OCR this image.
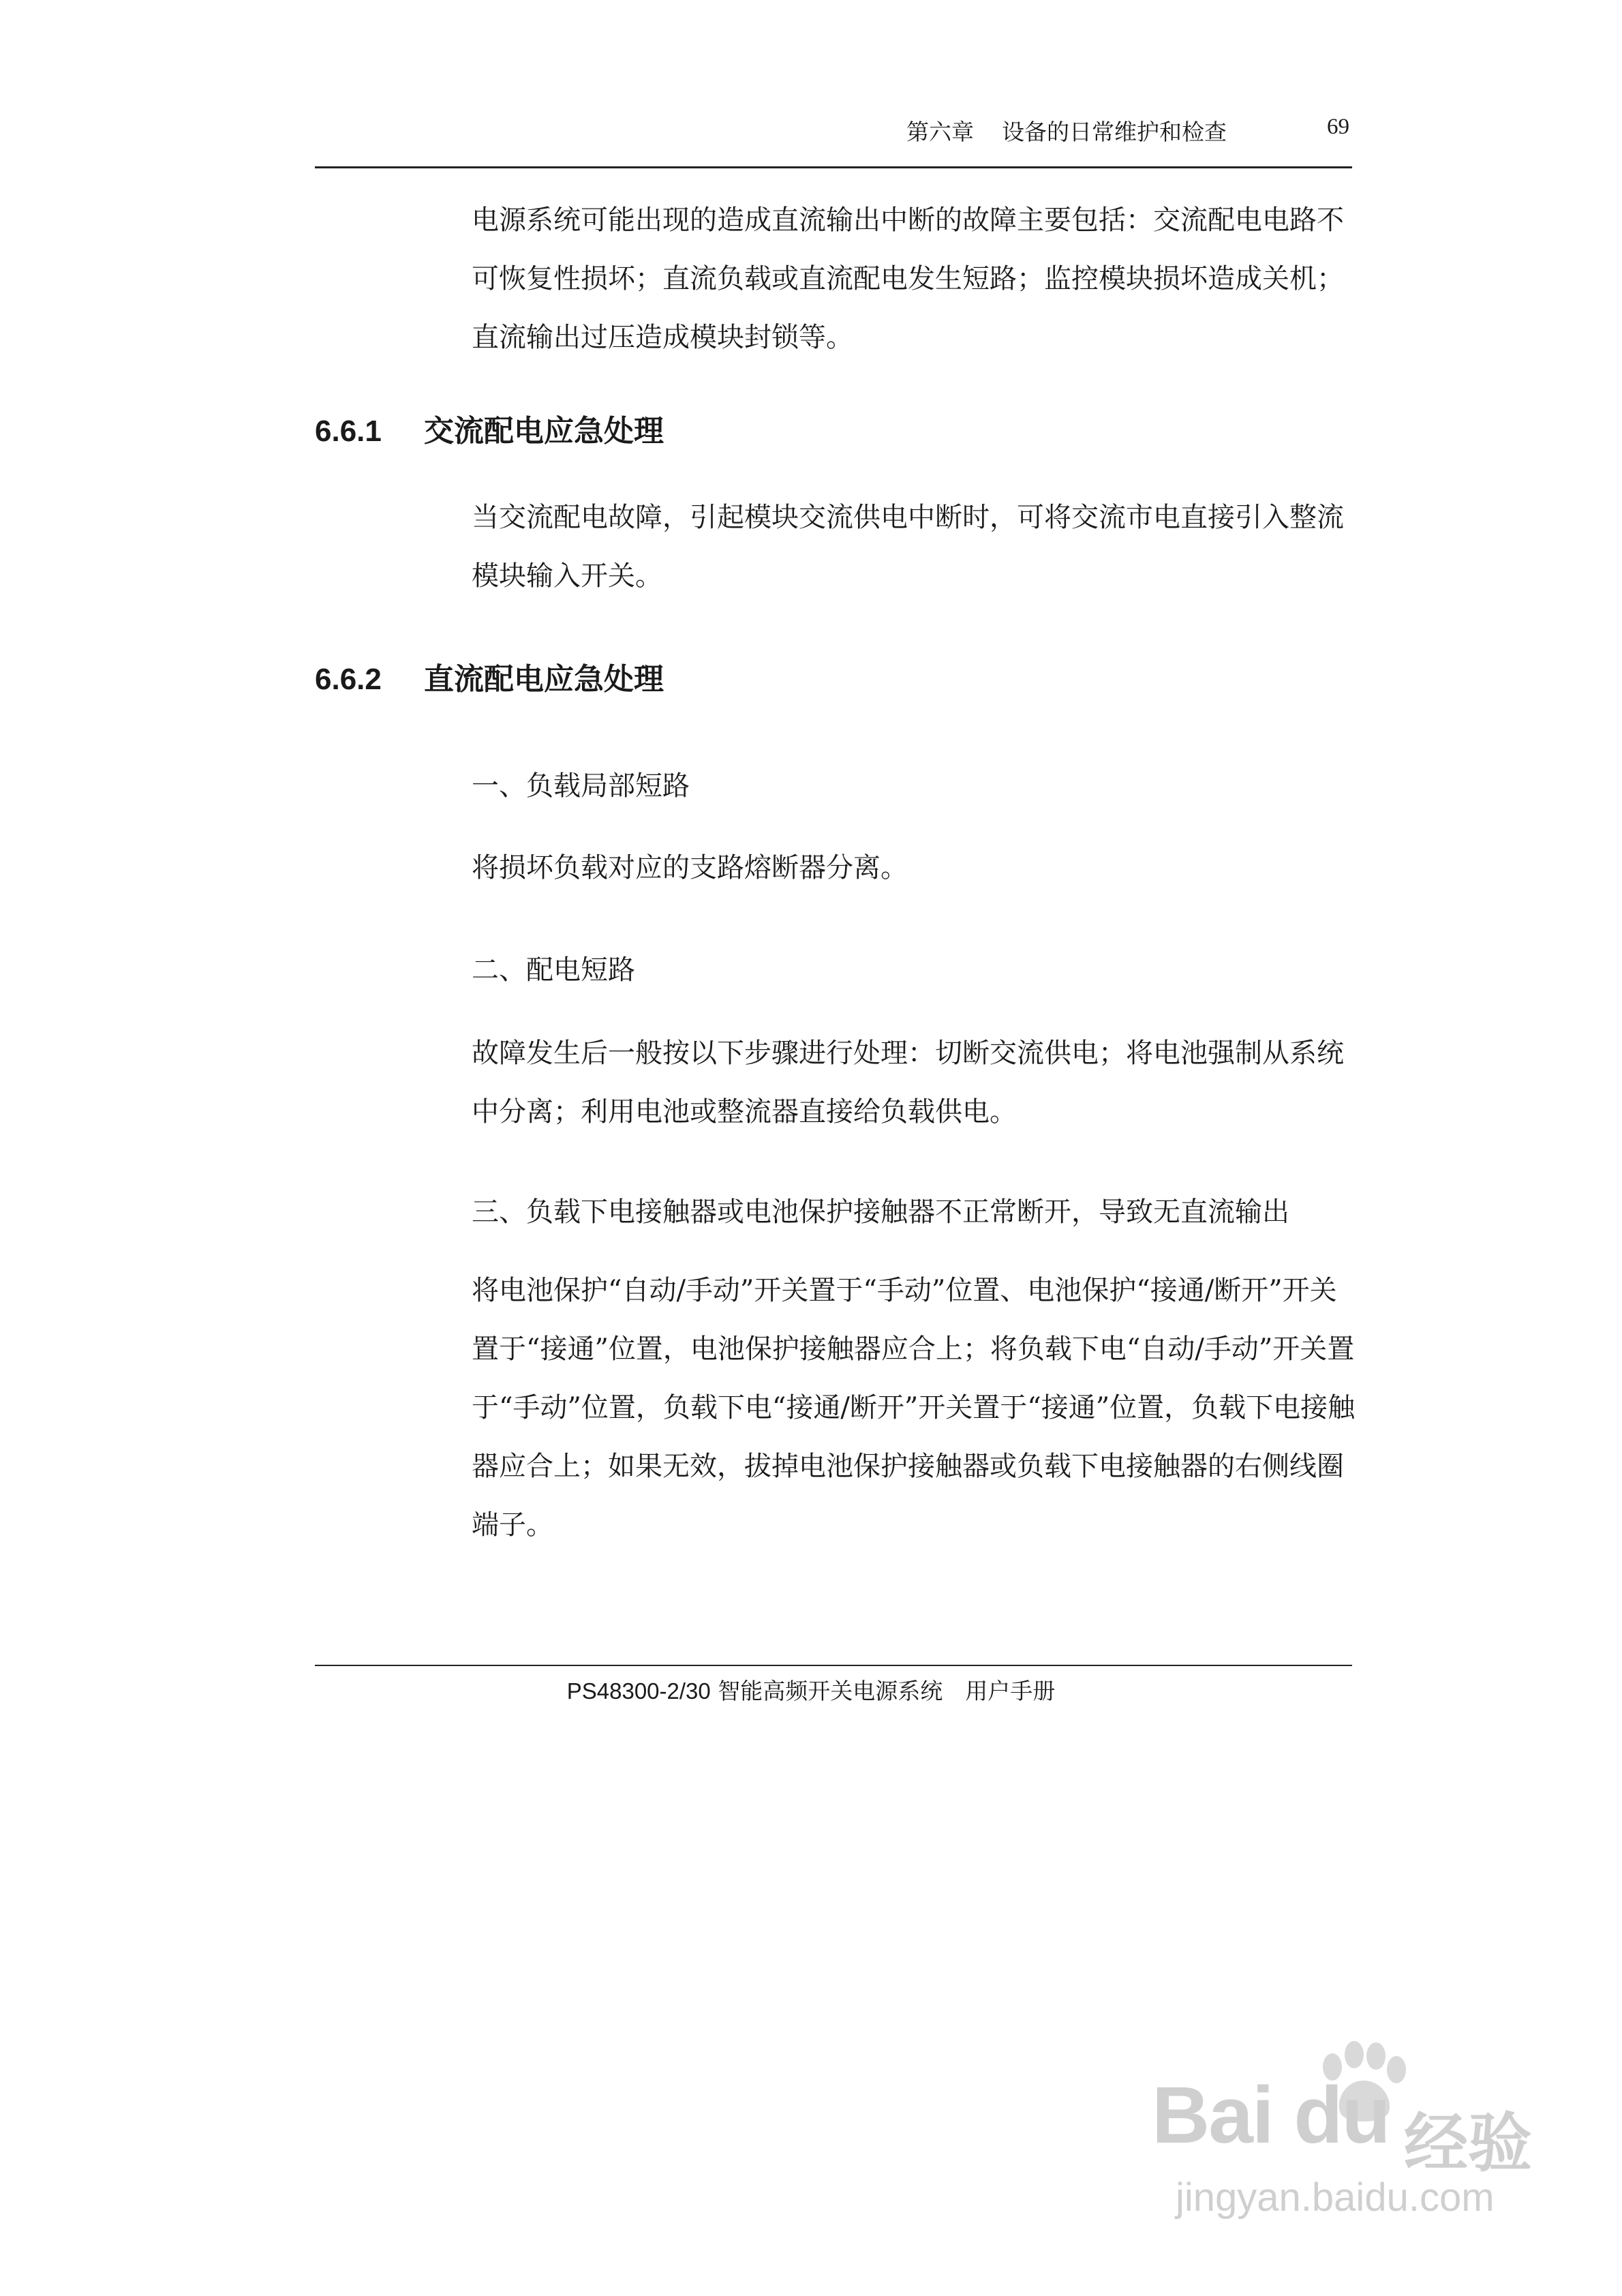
第六章 设备的日常维护和检查	69

电源系统可能出现的造成直流输出中断的故障主要包括：交流配电电路不可恢复性损坏；直流负载或直流配电发生短路；监控模块损坏造成关机；直流输出过压造成模块封锁等。

6.6.1 交流配电应急处理

当交流配电故障，引起模块交流供电中断时，可将交流市电直接引入整流模块输入开关。

6.6.2 直流配电应急处理

一、负载局部短路

将损坏负载对应的支路熔断器分离。

二、配电短路

故障发生后一般按以下步骤进行处理：切断交流供电；将电池强制从系统中分离；利用电池或整流器直接给负载供电。

三、负载下电接触器或电池保护接触器不正常断开，导致无直流输出

将电池保护“自动/手动”开关置于“手动”位置、电池保护“接通/断开”开关置于“接通”位置，电池保护接触器应合上；将负载下电“自动/手动”开关置于“手动”位置，负载下电“接通/断开”开关置于“接通”位置，负载下电接触器应合上；如果无效，拔掉电池保护接触器或负载下电接触器的右侧线圈端子。

PS48300-2/30 智能高频开关电源系统　用户手册
Bai du 经验
jingyan.baidu.com
